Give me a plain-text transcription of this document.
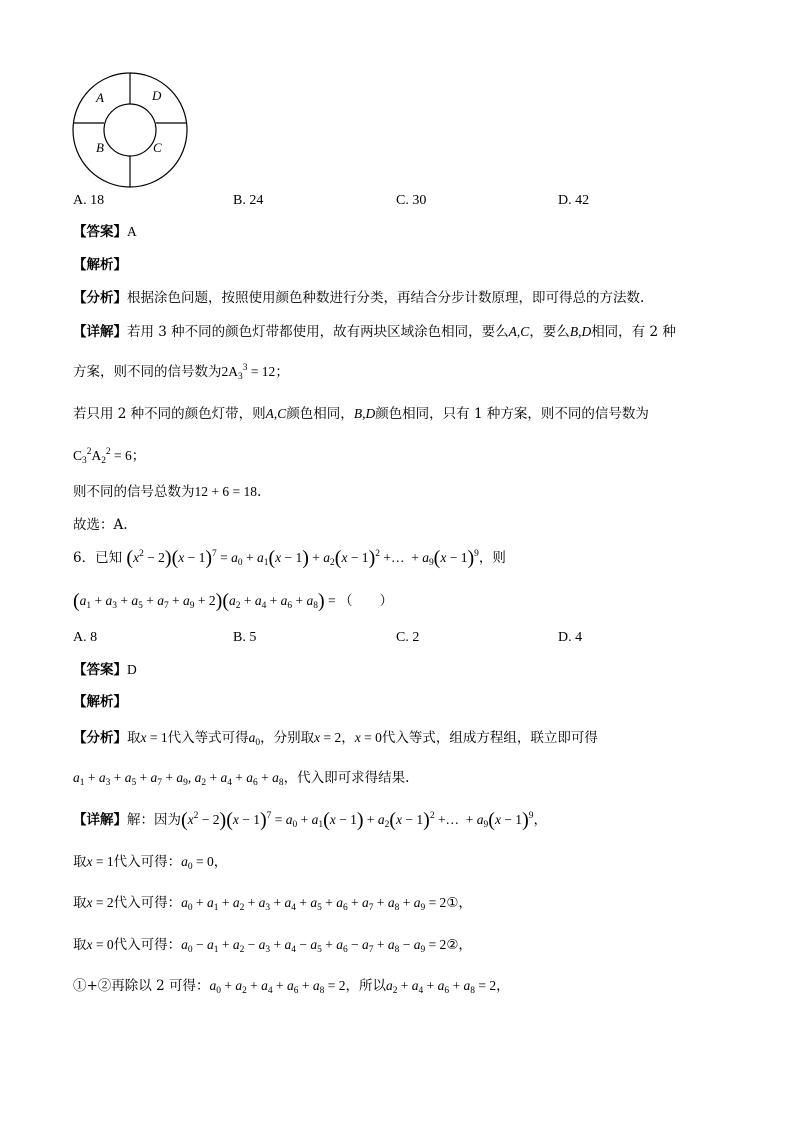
A	D
B	C
A. 18	B. 24	C. 30	D. 42
【答案】A
【解析】
【分析】根据涂色问题，按照使用颜色种数进行分类，再结合分步计数原理，即可得总的方法数.
【详解】若用 3 种不同的颜色灯带都使用，故有两块区域涂色相同，要么A,C，要么B,D相同，有 2 种
方案，则不同的信号数为$2A_3^3 = 12$；
若只用 2 种不同的颜色灯带，则A,C颜色相同，B,D颜色相同，只有 1 种方案，则不同的信号数为
$C_3^2A_2^2 = 6$；
则不同的信号总数为12 + 6 = 18.
故选：A.
6．已知 $(x^2 - 2)(x - 1)^7 = a_0 + a_1(x - 1) + a_2(x - 1)^2$ +…  + $a_9(x - 1)^9$，则
$(a_1 + a_3 + a_5 + a_7 + a_9 + 2)(a_2 + a_4 + a_6 + a_8)$ = （　　）
A. 8	B. 5	C. 2	D. 4
【答案】D
【解析】
【分析】取x = 1代入等式可得$a_0$，分别取x = 2，x = 0代入等式，组成方程组，联立即可得
$a_1 + a_3 + a_5 + a_7 + a_9$, $a_2 + a_4 + a_6 + a_8$，代入即可求得结果.
【详解】解：因为$(x^2 - 2)(x - 1)^7 = a_0 + a_1(x - 1) + a_2(x - 1)^2$ +…  + $a_9(x - 1)^9$，
取x = 1代入可得：$a_0 = 0$，
取x = 2代入可得：$a_0 + a_1 + a_2 + a_3 + a_4 + a_5 + a_6 + a_7 + a_8 + a_9$ = 2①，
取x = 0代入可得：$a_0 - a_1 + a_2 - a_3 + a_4 - a_5 + a_6 - a_7 + a_8 - a_9$ = 2②，
①+②再除以 2 可得：$a_0 + a_2 + a_4 + a_6 + a_8 = 2$，所以$a_2 + a_4 + a_6 + a_8 = 2$，
